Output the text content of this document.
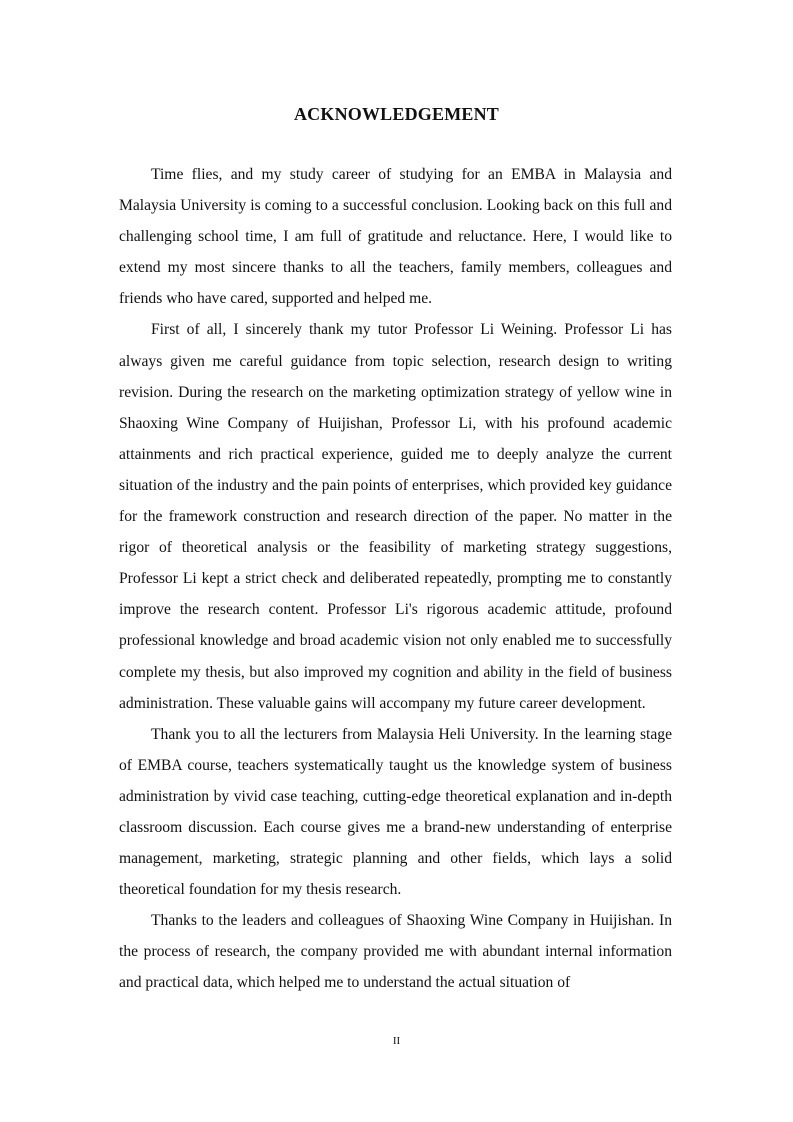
ACKNOWLEDGEMENT

Time flies, and my study career of studying for an EMBA in Malaysia and Malaysia University is coming to a successful conclusion. Looking back on this full and challenging school time, I am full of gratitude and reluctance. Here, I would like to extend my most sincere thanks to all the teachers, family members, colleagues and friends who have cared, supported and helped me.

First of all, I sincerely thank my tutor Professor Li Weining. Professor Li has always given me careful guidance from topic selection, research design to writing revision. During the research on the marketing optimization strategy of yellow wine in Shaoxing Wine Company of Huijishan, Professor Li, with his profound academic attainments and rich practical experience, guided me to deeply analyze the current situation of the industry and the pain points of enterprises, which provided key guidance for the framework construction and research direction of the paper. No matter in the rigor of theoretical analysis or the feasibility of marketing strategy suggestions, Professor Li kept a strict check and deliberated repeatedly, prompting me to constantly improve the research content. Professor Li's rigorous academic attitude, profound professional knowledge and broad academic vision not only enabled me to successfully complete my thesis, but also improved my cognition and ability in the field of business administration. These valuable gains will accompany my future career development.

Thank you to all the lecturers from Malaysia Heli University. In the learning stage of EMBA course, teachers systematically taught us the knowledge system of business administration by vivid case teaching, cutting-edge theoretical explanation and in-depth classroom discussion. Each course gives me a brand-new understanding of enterprise management, marketing, strategic planning and other fields, which lays a solid theoretical foundation for my thesis research.

Thanks to the leaders and colleagues of Shaoxing Wine Company in Huijishan. In the process of research, the company provided me with abundant internal information and practical data, which helped me to understand the actual situation of

II
